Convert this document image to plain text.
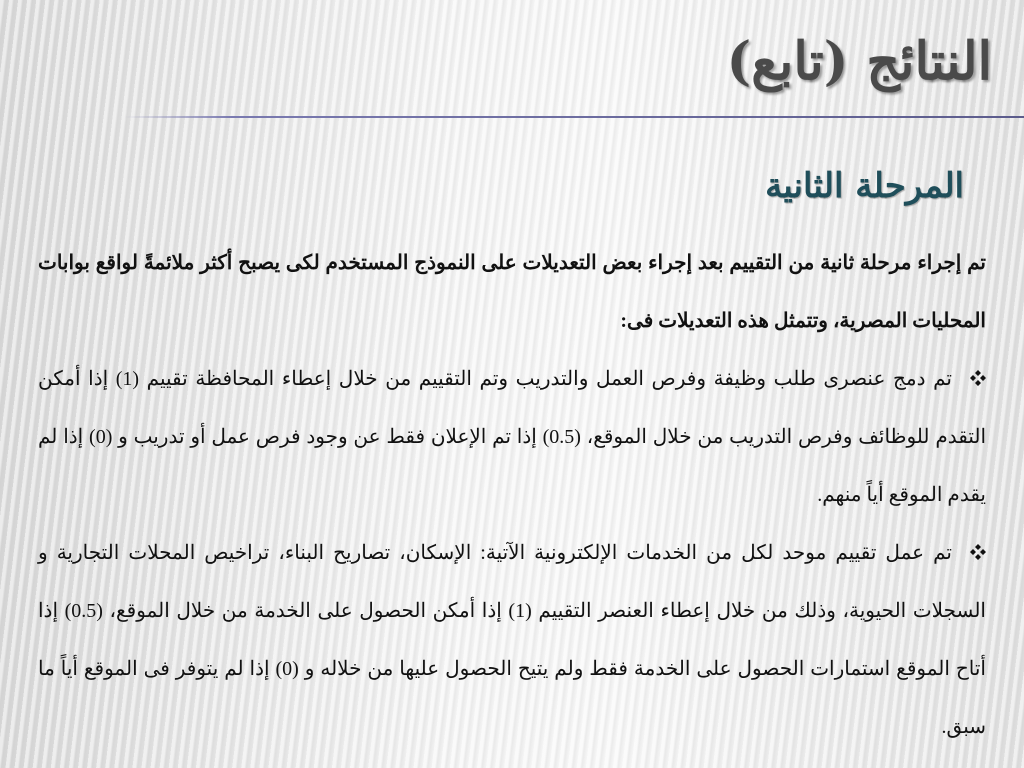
النتائج (تابع)
المرحلة الثانية

تم إجراء مرحلة ثانية من التقييم بعد إجراء بعض التعديلات على النموذج المستخدم لكى يصبح أكثر ملائمةً لواقع بوابات المحليات المصرية، وتتمثل هذه التعديلات فى:

تم دمج عنصرى طلب وظيفة وفرص العمل والتدريب وتم التقييم من خلال إعطاء المحافظة تقييم (1) إذا أمكن التقدم للوظائف وفرص التدريب من خلال الموقع، (0.5) إذا تم الإعلان فقط عن وجود فرص عمل أو تدريب و (0) إذا لم يقدم الموقع أياً منهم.

تم عمل تقييم موحد لكل من الخدمات الإلكترونية الآتية: الإسكان، تصاريح البناء، تراخيص المحلات التجارية و السجلات الحيوية، وذلك من خلال إعطاء العنصر التقييم (1) إذا أمكن الحصول على الخدمة من خلال الموقع، (0.5) إذا أتاح الموقع استمارات الحصول على الخدمة فقط ولم يتيح الحصول عليها من خلاله و (0) إذا لم يتوفر فى الموقع أياً ما سبق.
